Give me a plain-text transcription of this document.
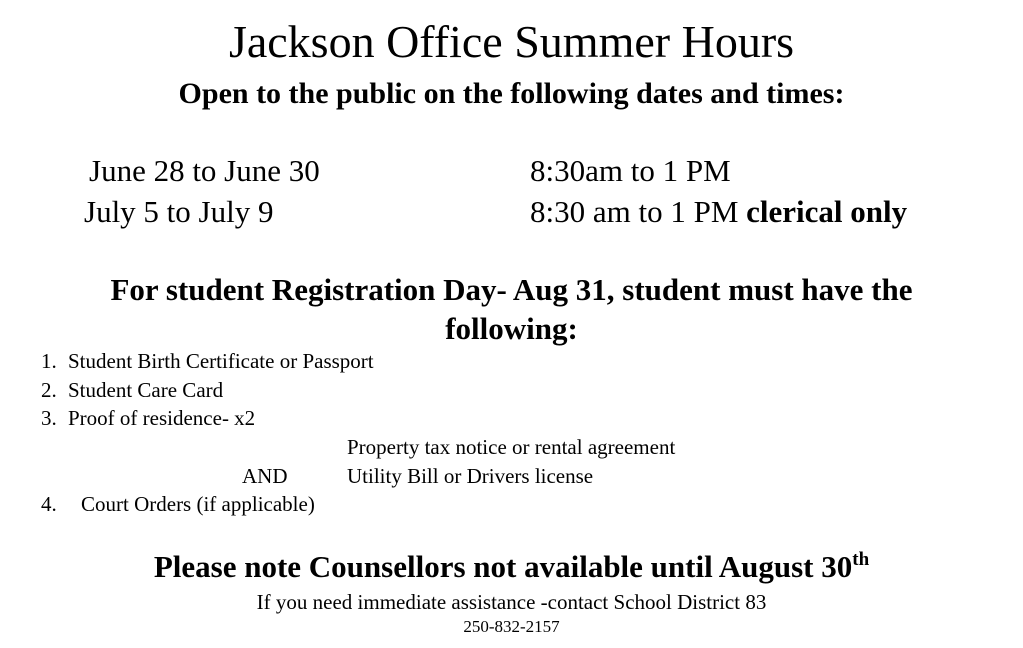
Jackson Office Summer Hours
Open to the public on the following dates and times:
June 28 to June 30	8:30am to 1 PM
July 5 to July 9	8:30 am to 1 PM clerical only
For student Registration Day- Aug 31, student must have the
following:
1. Student Birth Certificate or Passport
2. Student Care Card
3. Proof of residence- x2
Property tax notice or rental agreement
AND	Utility Bill or Drivers license
4. Court Orders (if applicable)
Please note Counsellors not available until August 30th
If you need immediate assistance -contact School District 83
250-832-2157
